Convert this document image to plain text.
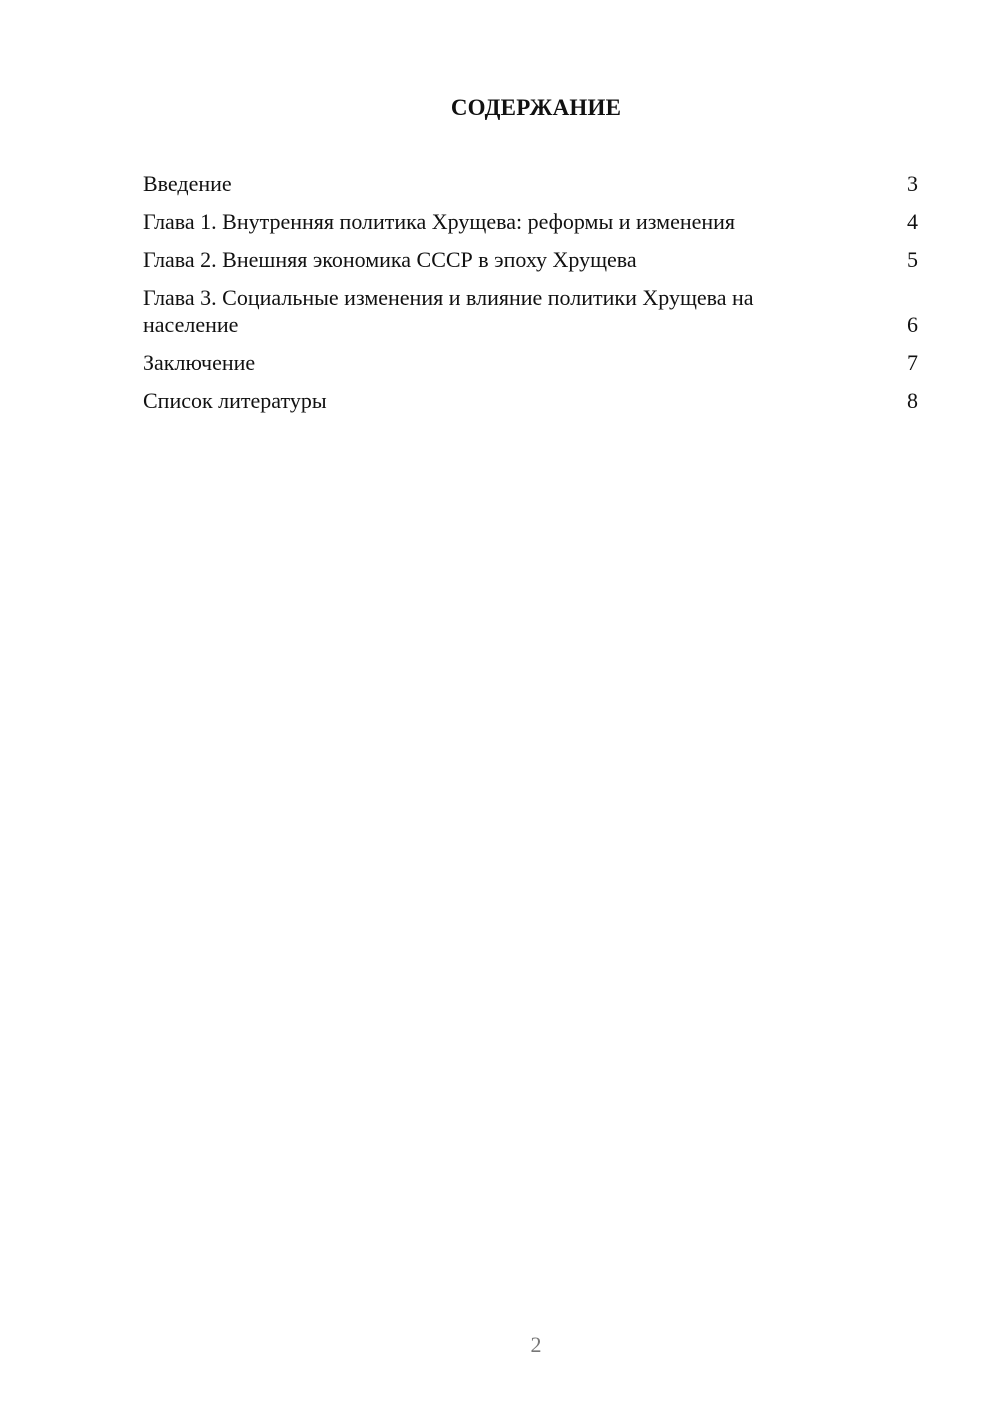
СОДЕРЖАНИЕ
Введение	3
Глава 1. Внутренняя политика Хрущева: реформы и изменения	4
Глава 2. Внешняя экономика СССР в эпоху Хрущева	5
Глава 3. Социальные изменения и влияние политики Хрущева на население	6
Заключение	7
Список литературы	8
2
